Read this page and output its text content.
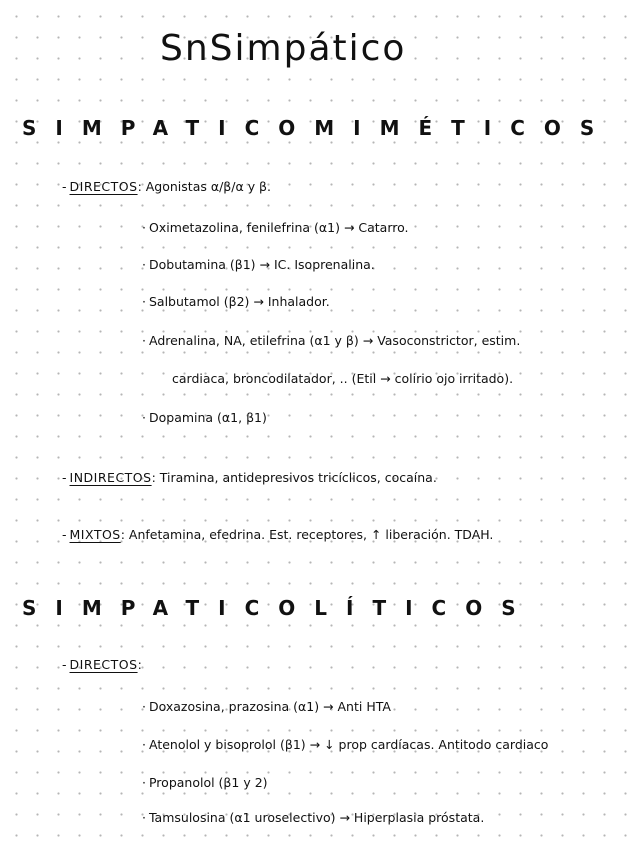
SnSimpático
SIMPATICOMIMÉTICOS
- DIRECTOS: Agonistas α/β/α y β.
· Oximetazolina, fenilefrina (α1) → Catarro.
· Dobutamina (β1) → IC. Isoprenalina.
· Salbutamol (β2) → Inhalador.
· Adrenalina, NA, etilefrina (α1 y β) → Vasoconstrictor, estim.
cardiaca, broncodilatador, .. (Etil → colirio ojo irritado).
· Dopamina (α1, β1)
- INDIRECTOS: Tiramina, antidepresivos tricíclicos, cocaína.
- MIXTOS: Anfetamina, efedrina. Est. receptores, ↑ liberación. TDAH.
SIMPATICOLÍTICOS
- DIRECTOS:
· Doxazosina, prazosina (α1) → Anti HTA
· Atenolol y bisoprolol (β1) → ↓ prop cardíacas. Antitodo cardiaco
· Propanolol (β1 y 2)
· Tamsulosina (α1 uroselectivo) → Hiperplasia próstata.
